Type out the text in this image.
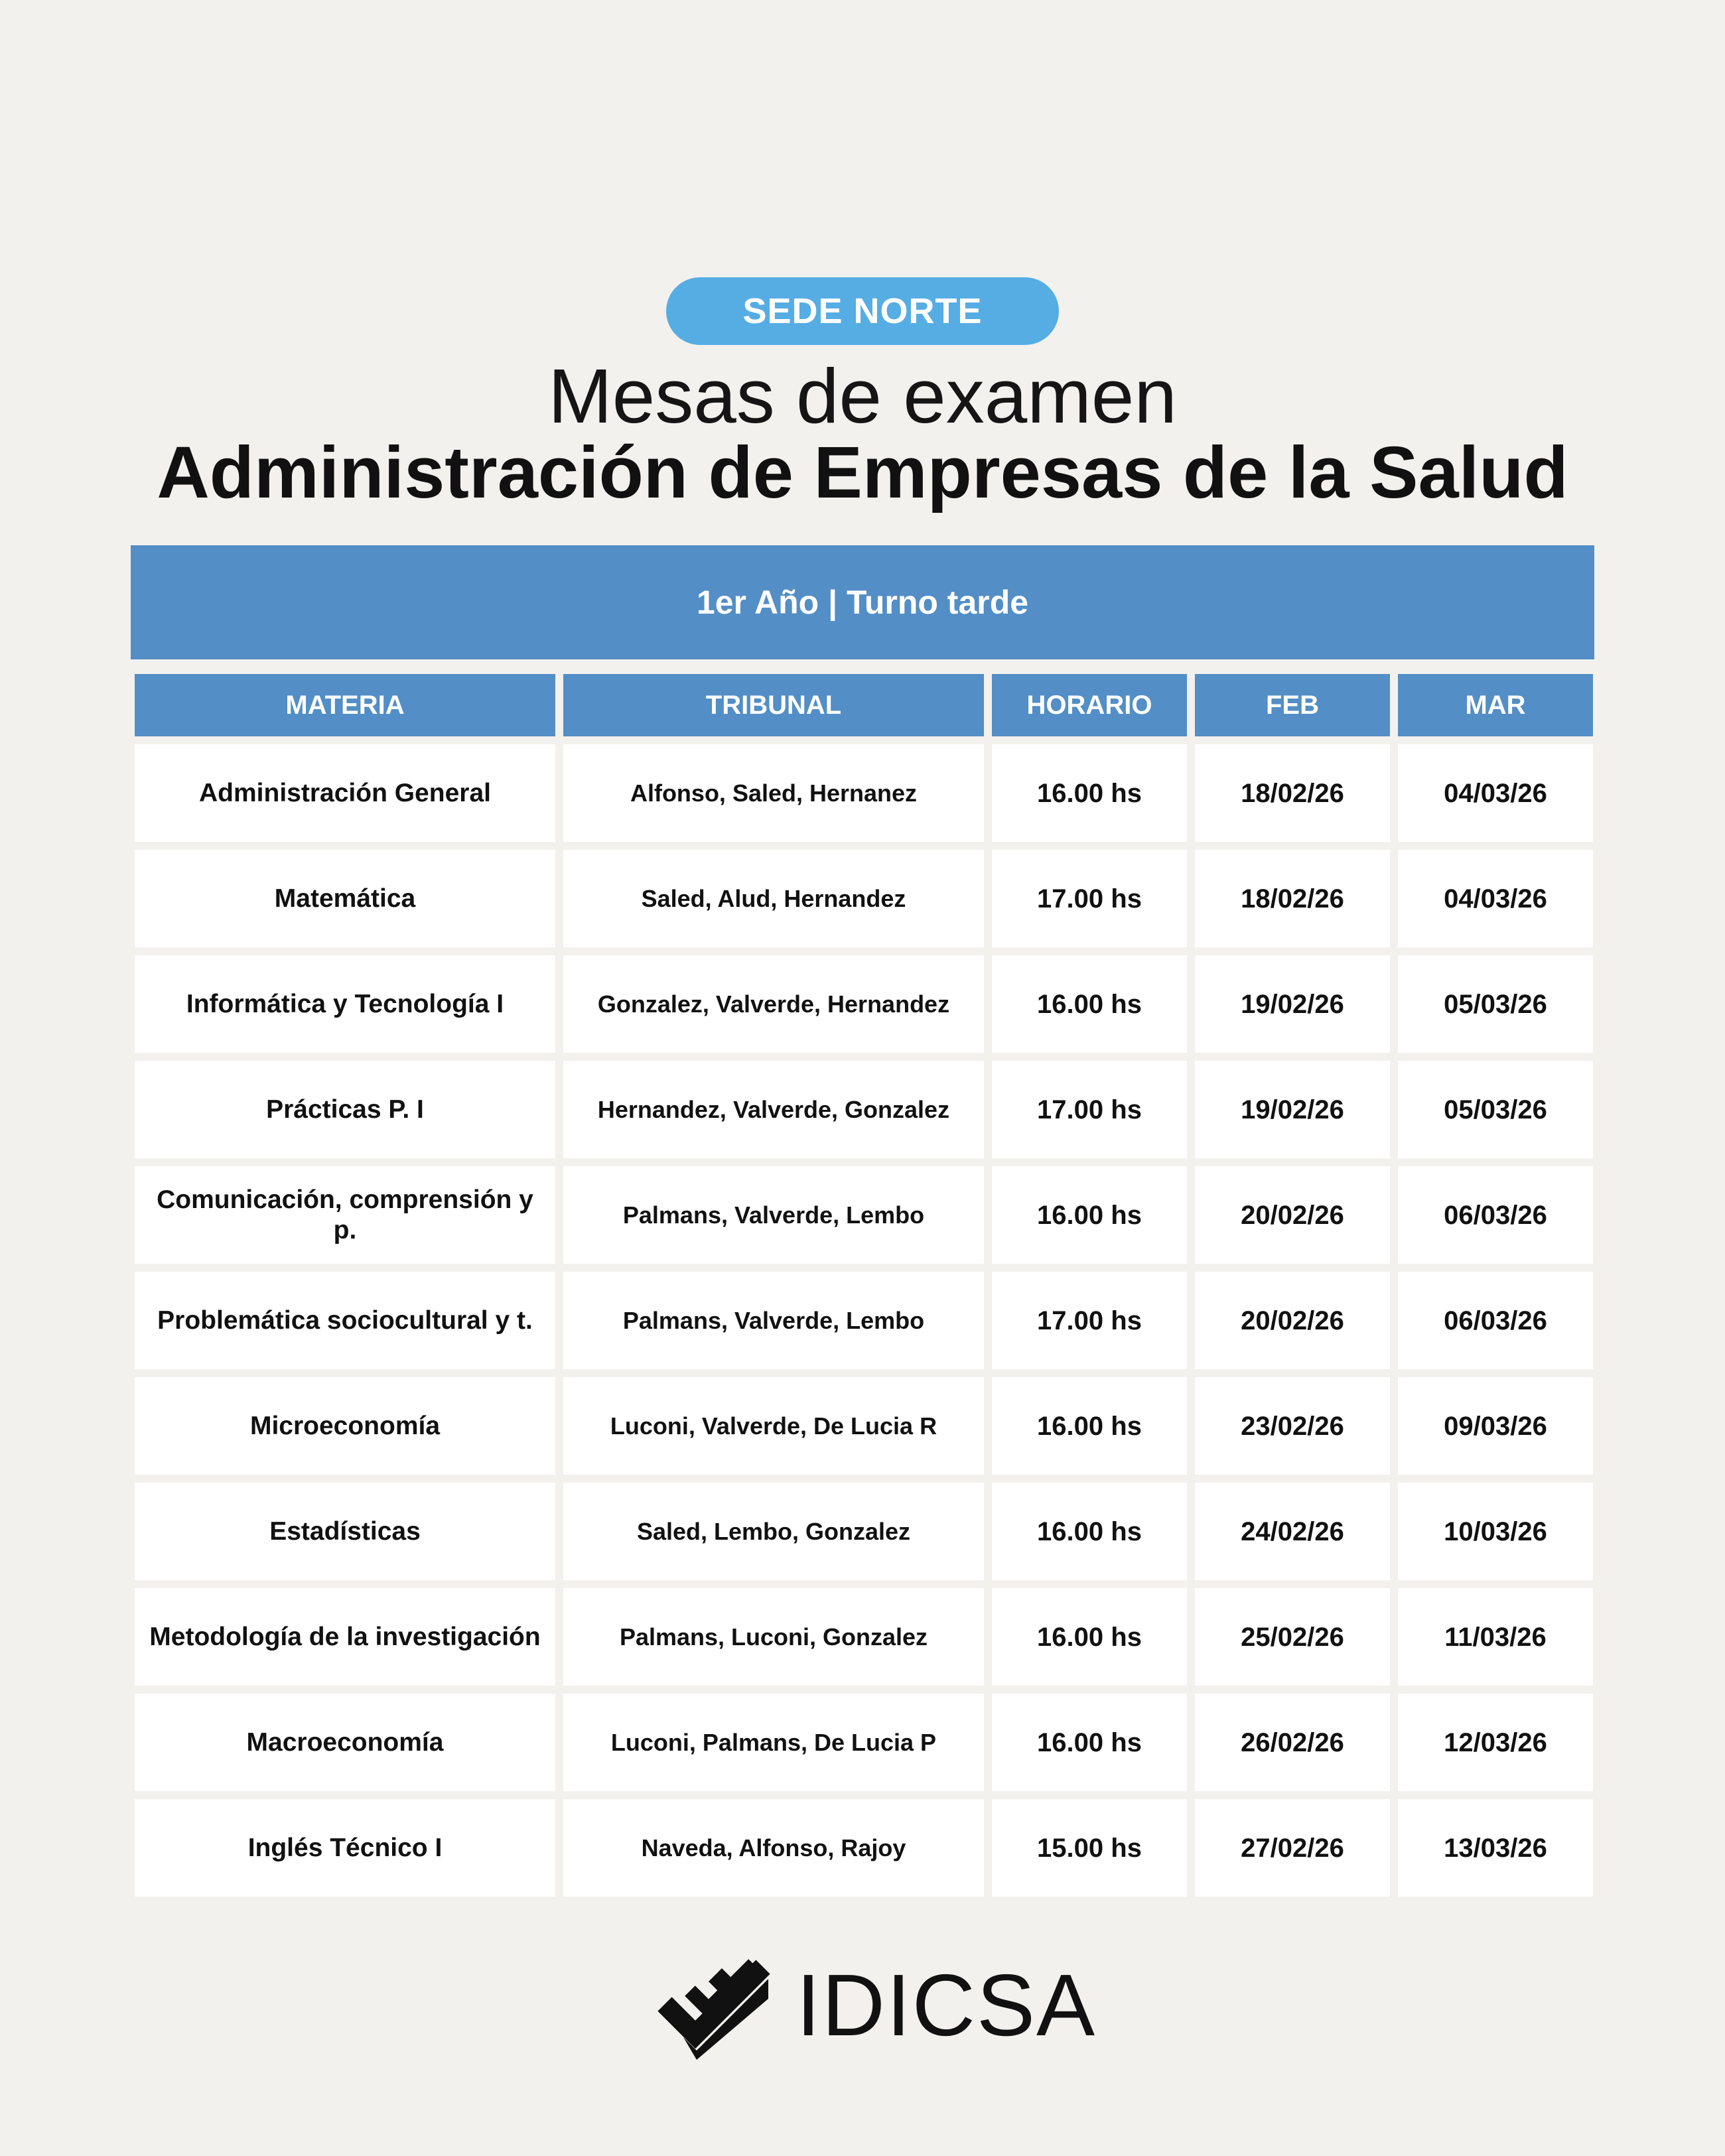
SEDE NORTE
Mesas de examen
Administración de Empresas de la Salud
1er Año | Turno tarde
MATERIA	TRIBUNAL	HORARIO	FEB	MAR
Administración General	Alfonso, Saled, Hernanez	16.00 hs	18/02/26	04/03/26
Matemática	Saled, Alud, Hernandez	17.00 hs	18/02/26	04/03/26
Informática y Tecnología I	Gonzalez, Valverde, Hernandez	16.00 hs	19/02/26	05/03/26
Prácticas P. I	Hernandez, Valverde, Gonzalez	17.00 hs	19/02/26	05/03/26
Comunicación, comprensión y p.	Palmans, Valverde, Lembo	16.00 hs	20/02/26	06/03/26
Problemática sociocultural y t.	Palmans, Valverde, Lembo	17.00 hs	20/02/26	06/03/26
Microeconomía	Luconi, Valverde, De Lucia R	16.00 hs	23/02/26	09/03/26
Estadísticas	Saled, Lembo, Gonzalez	16.00 hs	24/02/26	10/03/26
Metodología de la investigación	Palmans, Luconi, Gonzalez	16.00 hs	25/02/26	11/03/26
Macroeconomía	Luconi, Palmans, De Lucia P	16.00 hs	26/02/26	12/03/26
Inglés Técnico I	Naveda, Alfonso, Rajoy	15.00 hs	27/02/26	13/03/26
IDICSA
